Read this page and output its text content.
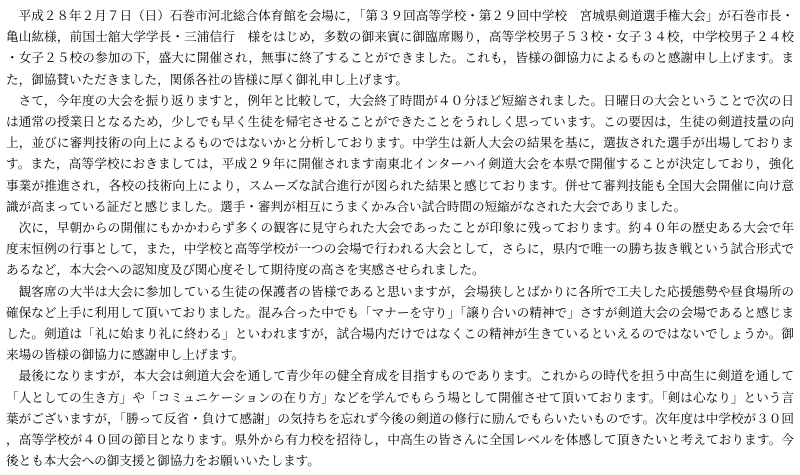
平成２８年２月７日（日）石巻市河北総合体育館を会場に，「第３９回高等学校・第２９回中学校　宮城県剣道選手権大会」が石巻市長・亀山紘様，前国士舘大学学長・三浦信行　様をはじめ，多数の御来賓に御臨席賜り，高等学校男子５３校・女子３４校，中学校男子２４校・女子２５校の参加の下，盛大に開催され，無事に終了することができました。これも，皆様の御協力によるものと感謝申し上げます。また，御協賛いただきました，関係各社の皆様に厚く御礼申し上げます。

さて，今年度の大会を振り返りますと，例年と比較して，大会終了時間が４０分ほど短縮されました。日曜日の大会ということで次の日は通常の授業日となるため，少しでも早く生徒を帰宅させることができたことをうれしく思っています。この要因は，生徒の剣道技量の向上，並びに審判技術の向上によるものではないかと分析しております。中学生は新人大会の結果を基に，選抜された選手が出場しております。また，高等学校におきましては，平成２９年に開催されます南東北インターハイ剣道大会を本県で開催することが決定しており，強化事業が推進され，各校の技術向上により，スムーズな試合進行が図られた結果と感じております。併せて審判技能も全国大会開催に向け意識が高まっている証だと感じました。選手・審判が相互にうまくかみ合い試合時間の短縮がなされた大会でありました。

次に，早朝からの開催にもかかわらず多くの観客に見守られた大会であったことが印象に残っております。約４０年の歴史ある大会で年度末恒例の行事として，また，中学校と高等学校が一つの会場で行われる大会として，さらに，県内で唯一の勝ち抜き戦という試合形式であるなど，本大会への認知度及び関心度そして期待度の高さを実感させられました。

観客席の大半は大会に参加している生徒の保護者の皆様であると思いますが，会場狭しとばかりに各所で工夫した応援態勢や昼食場所の確保など上手に利用して頂いておりました。混み合った中でも「マナーを守り」「譲り合いの精神で」さすが剣道大会の会場であると感じました。剣道は「礼に始まり礼に終わる」といわれますが，試合場内だけではなくこの精神が生きているといえるのではないでしょうか。御来場の皆様の御協力に感謝申し上げます。

最後になりますが，本大会は剣道大会を通して青少年の健全育成を目指すものであります。これからの時代を担う中高生に剣道を通して「人としての生き方」や「コミュニケーションの在り方」などを学んでもらう場として開催させて頂いております。「剣は心なり」という言葉がございますが，「勝って反省・負けて感謝」の気持ちを忘れず今後の剣道の修行に励んでもらいたいものです。次年度は中学校が３０回，高等学校が４０回の節目となります。県外から有力校を招待し，中高生の皆さんに全国レベルを体感して頂きたいと考えております。今後とも本大会への御支援と御協力をお願いいたします。
